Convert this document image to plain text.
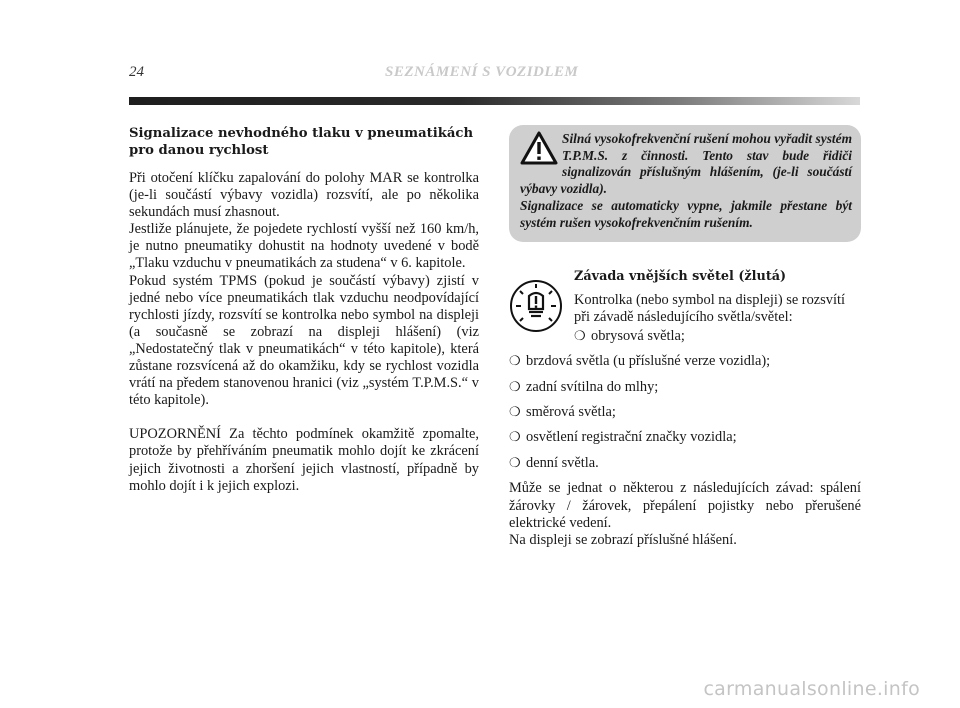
24	SEZNÁMENÍ S VOZIDLEM
Signalizace nevhodného tlaku v pneumatikách pro danou rychlost

Při otočení klíčku zapalování do polohy MAR se kontrolka (je-li součástí výbavy vozidla) rozsvítí, ale po několika sekundách musí zhasnout.

Jestliže plánujete, že pojedete rychlostí vyšší než 160 km/h, je nutno pneumatiky dohustit na hodnoty uvedené v bodě „Tlaku vzduchu v pneumatikách za studena“ v 6. kapitole.

Pokud systém TPMS (pokud je součástí výbavy) zjistí v jedné nebo více pneumatikách tlak vzduchu neodpovídající rychlosti jízdy, rozsvítí se kontrolka nebo symbol na displeji (a současně se zobrazí na displeji hlášení) (viz „Nedostatečný tlak v pneumatikách“ v této kapitole), která zůstane rozsvícená až do okamžiku, kdy se rychlost vozidla vrátí na předem stanovenou hranici (viz „systém T.P.M.S.“ v této kapitole).

UPOZORNĚNÍ Za těchto podmínek okamžitě zpomalte, protože by přehříváním pneumatik mohlo dojít ke zkrácení jejich životnosti a zhoršení jejich vlastností, případně by mohlo dojít i k jejich explozi.

Silná vysokofrekvenční rušení mohou vyřadit systém T.P.M.S. z činnosti. Tento stav bude řidiči signalizován příslušným hlášením, (je-li součástí výbavy vozidla).
Signalizace se automaticky vypne, jakmile přestane být systém rušen vysokofrekvenčním rušením.
Závada vnějších světel (žlutá)

Kontrolka (nebo symbol na displeji) se rozsvítí při závadě následujícího světla/světel:

❍ obrysová světla;
❍ brzdová světla (u příslušné verze vozidla);
❍ zadní svítilna do mlhy;
❍ směrová světla;
❍ osvětlení registrační značky vozidla;
❍ denní světla.

Může se jednat o některou z následujících závad: spálení žárovky / žárovek, přepálení pojistky nebo přerušené elektrické vedení.
Na displeji se zobrazí příslušné hlášení.

carmanualsonline.info
